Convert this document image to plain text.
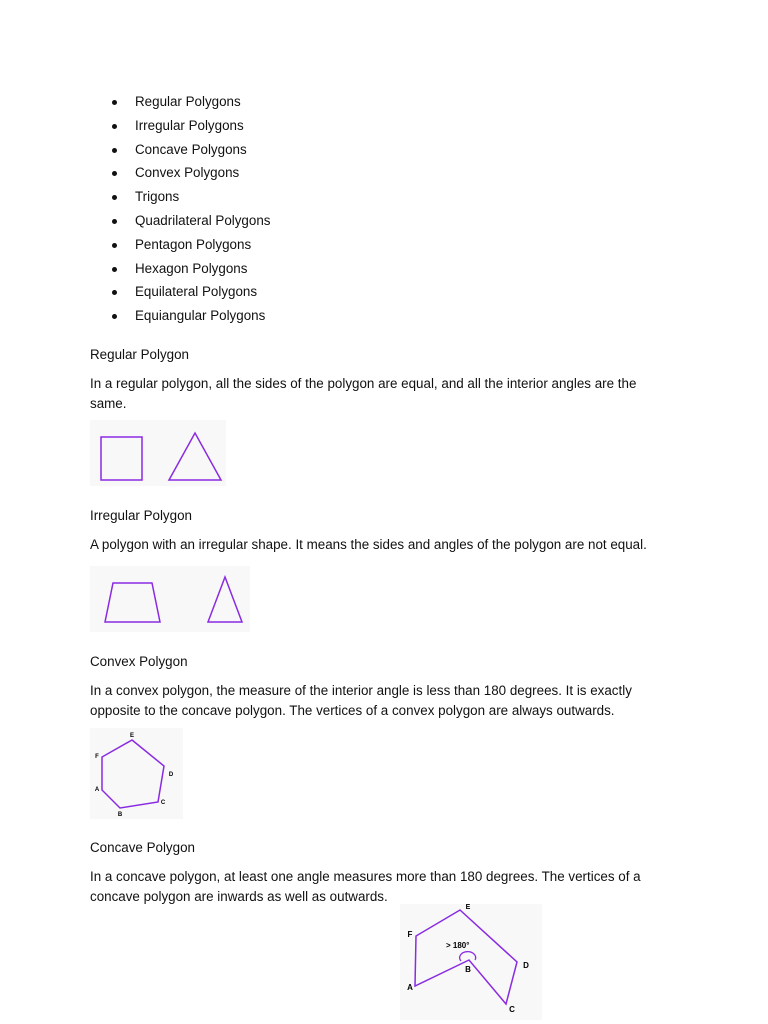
Regular Polygons
Irregular Polygons
Concave Polygons
Convex Polygons
Trigons
Quadrilateral Polygons
Pentagon Polygons
Hexagon Polygons
Equilateral Polygons
Equiangular Polygons

Regular Polygon

In a regular polygon, all the sides of the polygon are equal, and all the interior angles are the same.

Irregular Polygon

A polygon with an irregular shape. It means the sides and angles of the polygon are not equal.

Convex Polygon

In a convex polygon, the measure of the interior angle is less than 180 degrees. It is exactly opposite to the concave polygon. The vertices of a convex polygon are always outwards.

E
F
D
A
C
B

Concave Polygon

In a concave polygon, at least one angle measures more than 180 degrees. The vertices of a concave polygon are inwards as well as outwards.

E
F
D
A
C
B
> 180°
